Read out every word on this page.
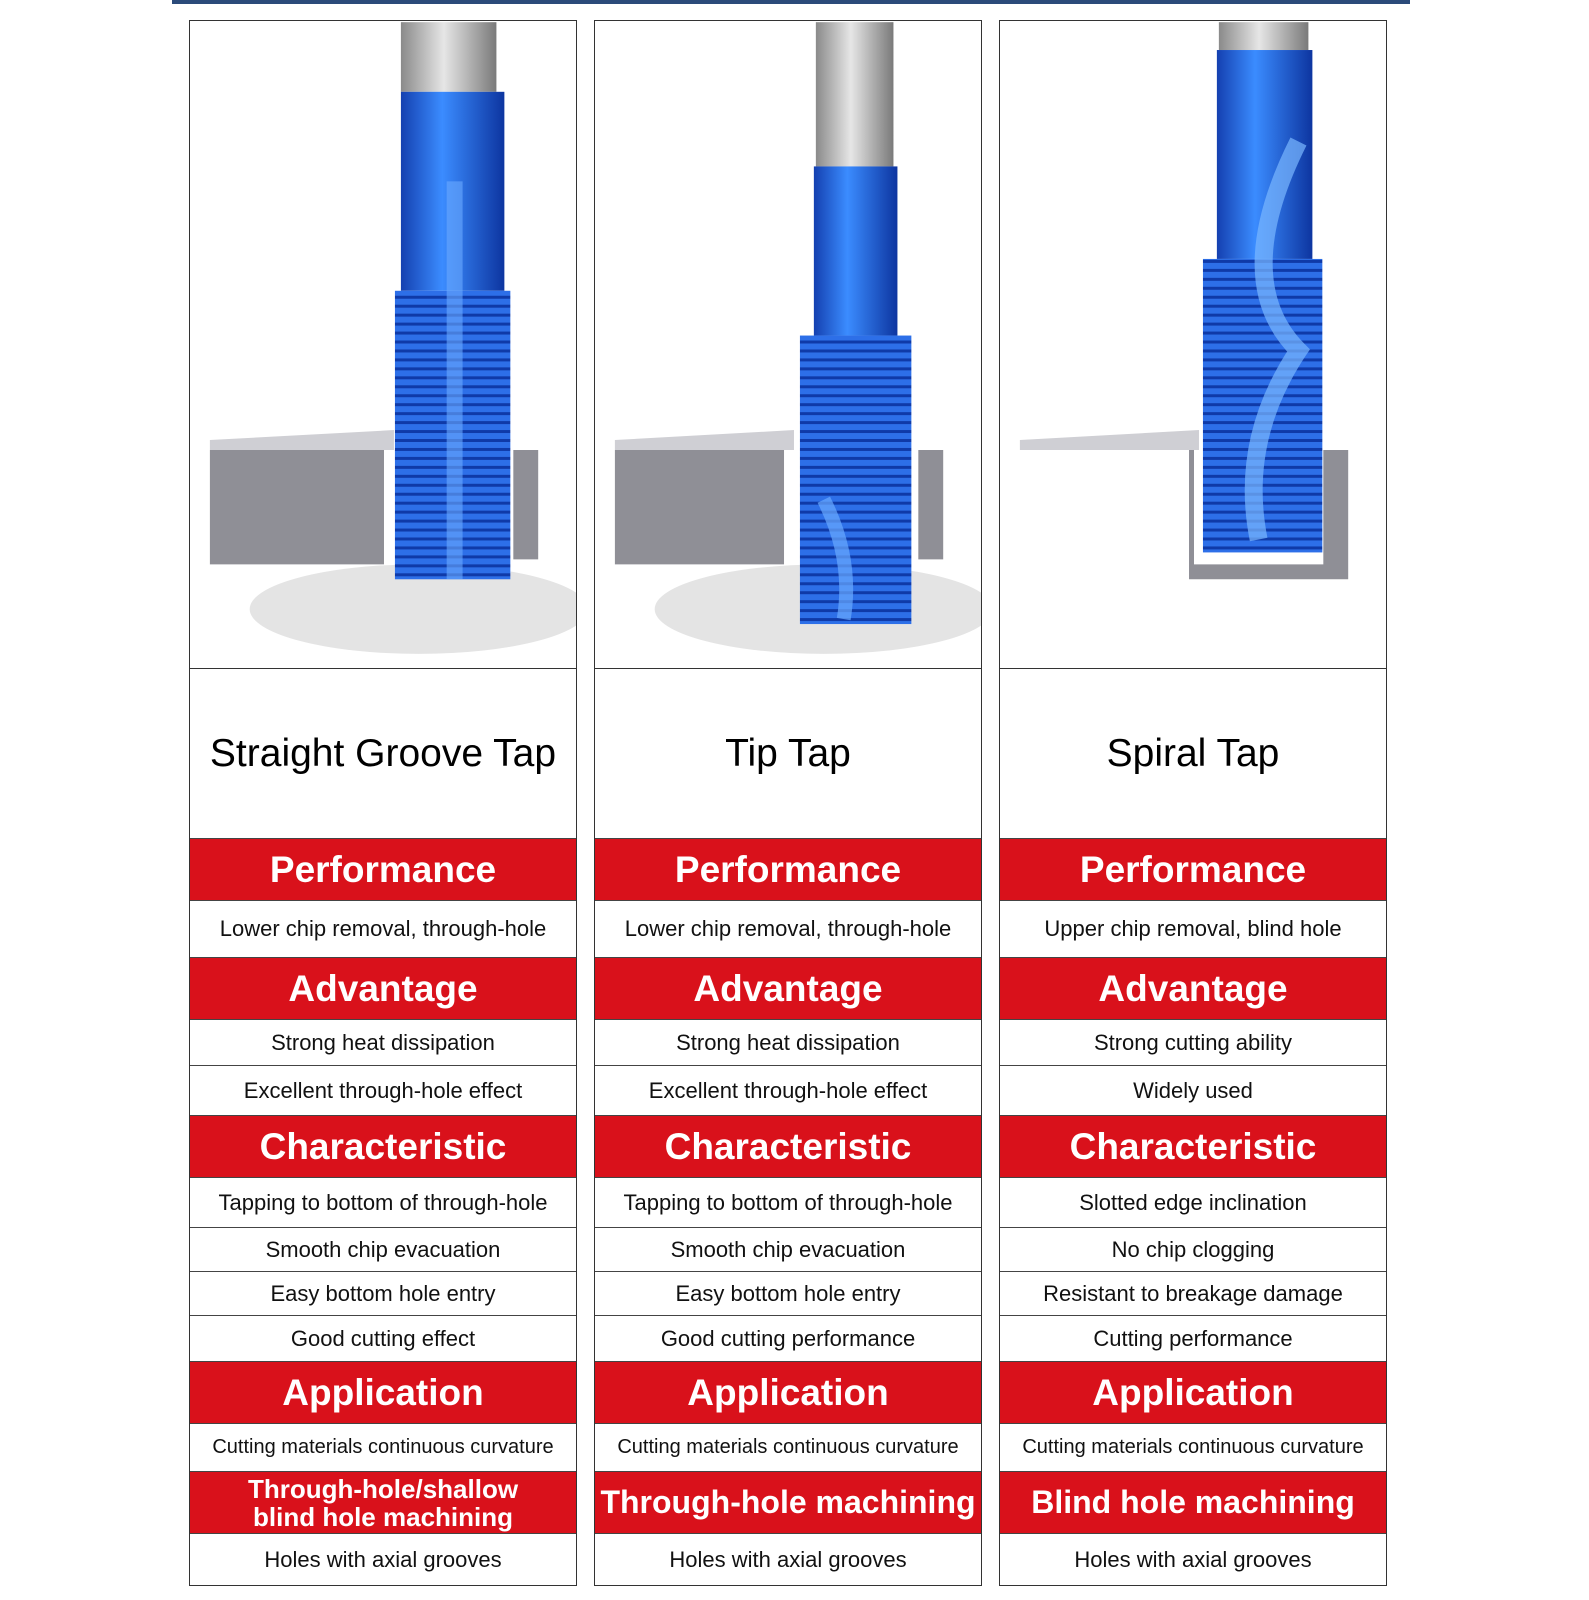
Straight Groove Tap
Performance
Lower chip removal, through-hole
Advantage
Strong heat dissipation
Excellent through-hole effect
Characteristic
Tapping to bottom of through-hole
Smooth chip evacuation
Easy bottom hole entry
Good cutting effect
Application
Cutting materials continuous curvature
Through-hole/shallow blind hole machining
Holes with axial grooves
Tip Tap
Performance
Lower chip removal, through-hole
Advantage
Strong heat dissipation
Excellent through-hole effect
Characteristic
Tapping to bottom of through-hole
Smooth chip evacuation
Easy bottom hole entry
Good cutting performance
Application
Cutting materials continuous curvature
Through-hole machining
Holes with axial grooves
Spiral Tap
Performance
Upper chip removal, blind hole
Advantage
Strong cutting ability
Widely used
Characteristic
Slotted edge inclination
No chip clogging
Resistant to breakage damage
Cutting performance
Application
Cutting materials continuous curvature
Blind hole machining
Holes with axial grooves
